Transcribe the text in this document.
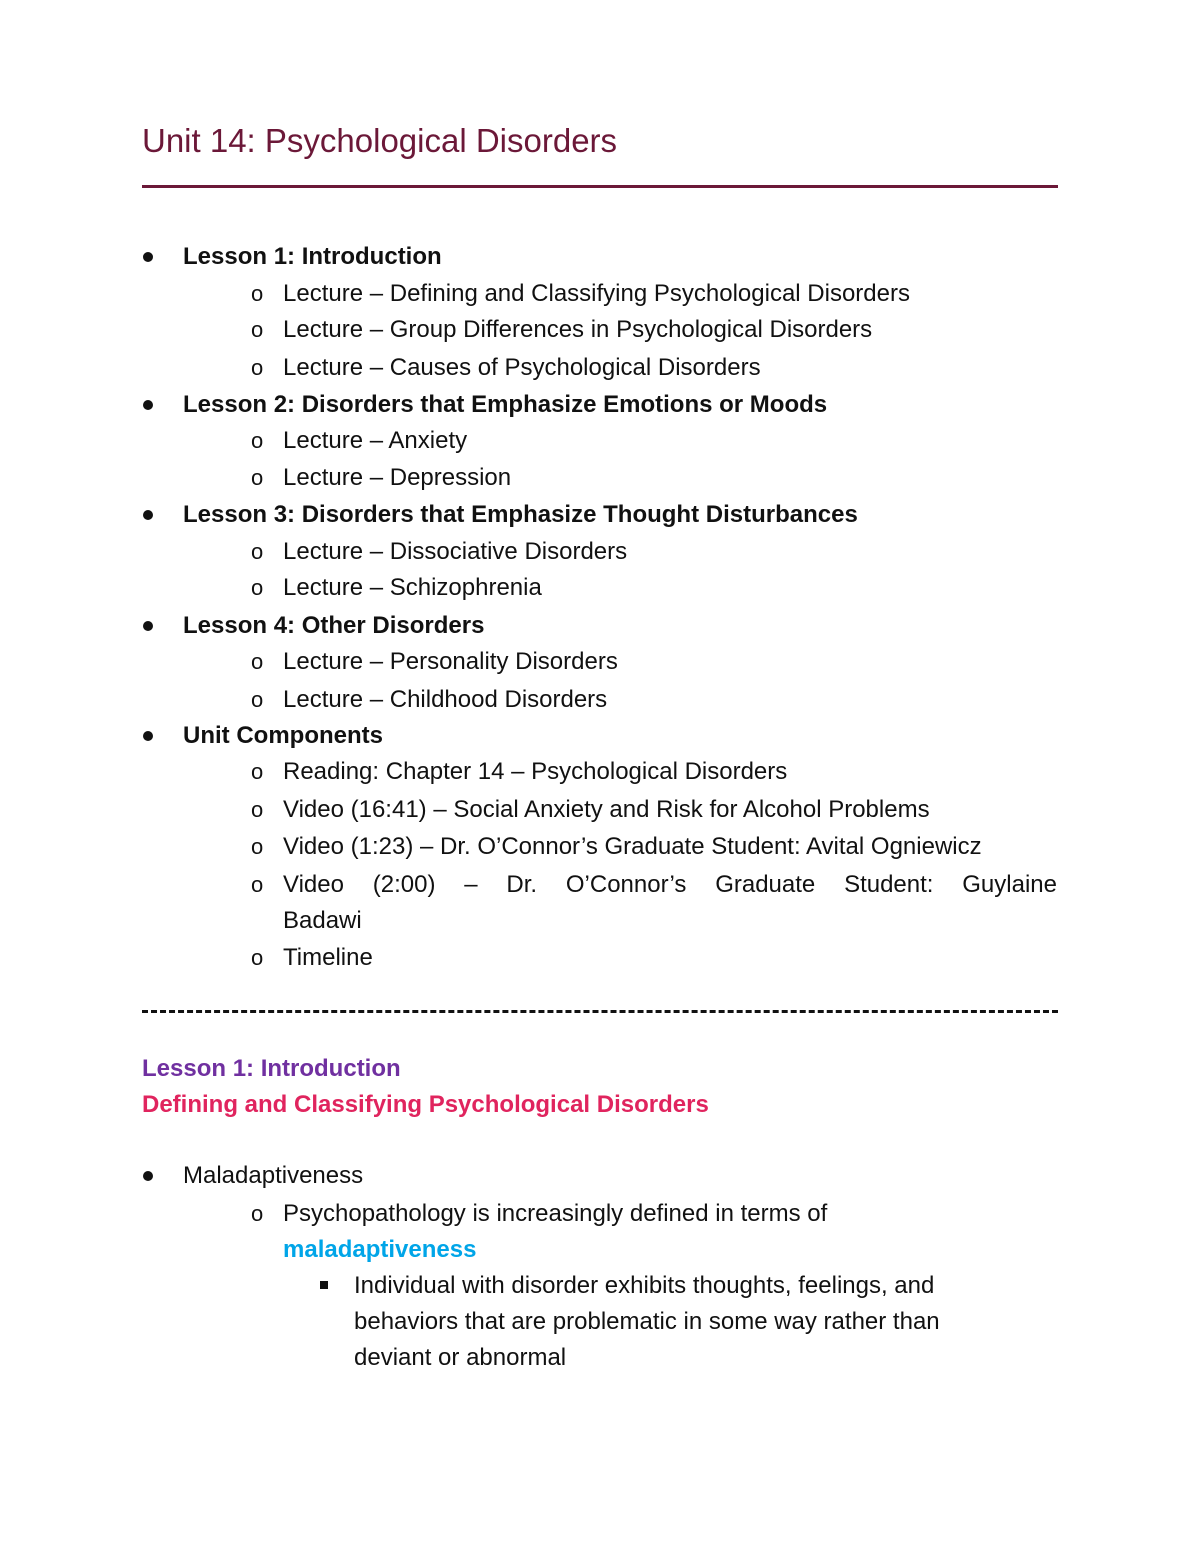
Unit 14: Psychological Disorders
Lesson 1: Introduction
o Lecture – Defining and Classifying Psychological Disorders
o Lecture – Group Differences in Psychological Disorders
o Lecture – Causes of Psychological Disorders
Lesson 2: Disorders that Emphasize Emotions or Moods
o Lecture – Anxiety
o Lecture – Depression
Lesson 3: Disorders that Emphasize Thought Disturbances
o Lecture – Dissociative Disorders
o Lecture – Schizophrenia
Lesson 4: Other Disorders
o Lecture – Personality Disorders
o Lecture – Childhood Disorders
Unit Components
o Reading: Chapter 14 – Psychological Disorders
o Video (16:41) – Social Anxiety and Risk for Alcohol Problems
o Video (1:23) – Dr. O’Connor’s Graduate Student: Avital Ogniewicz
o Video (2:00) – Dr. O’Connor’s Graduate Student: Guylaine
Badawi
o Timeline
Lesson 1: Introduction
Defining and Classifying Psychological Disorders
Maladaptiveness
o Psychopathology is increasingly defined in terms of
maladaptiveness
Individual with disorder exhibits thoughts, feelings, and
behaviors that are problematic in some way rather than
deviant or abnormal
